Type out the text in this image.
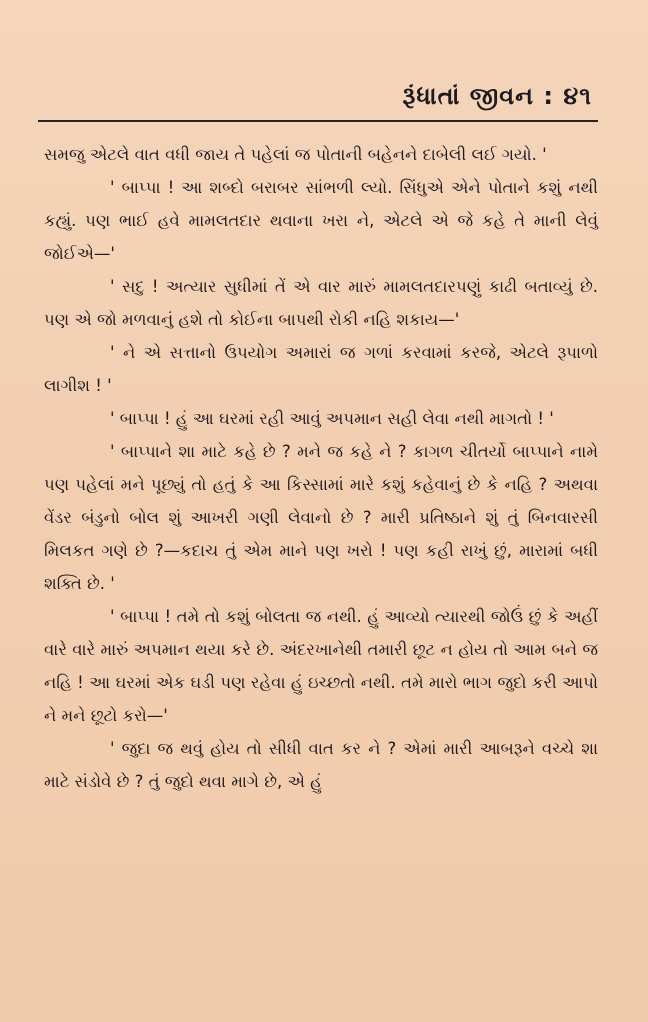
રૂંધાતાં જીવન : ૪૧

સમજુ એટલે વાત વધી જાય તે પહેલાં જ પોતાની બહેનને દાબેલી લઈ ગયો. '

' બાપ્પા ! આ શબ્દો બરાબર સાંભળી લ્યો. સિંધુએ એને પોતાને કશું નથી કહ્યું. પણ ભાઈ હવે મામલતદાર થવાના ખરા ને, એટલે એ જે કહે તે માની લેવું જોઈએ—'

' સદુ ! અત્યાર સુધીમાં તેં એ વાર મારું મામલતદારપણું કાઢી બતાવ્યું છે. પણ એ જો મળવાનું હશે તો કોઈના બાપથી રોકી નહિ શકાય—'

' ને એ સત્તાનો ઉપયોગ અમારાં જ ગળાં કરવામાં કરજે, એટલે રૂપાળો લાગીશ ! '

' બાપ્પા ! હું આ ઘરમાં રહી આવું અપમાન સહી લેવા નથી માગતો ! '

' બાપ્પાને શા માટે કહે છે ? મને જ કહે ને ? કાગળ ચીતર્યો બાપ્પાને નામે પણ પહેલાં મને પૂછ્યું તો હતું કે આ કિસ્સામાં મારે કશું કહેવાનું છે કે નહિ ? અથવા વેંડર બંડુનો બોલ શું આખરી ગણી લેવાનો છે ? મારી પ્રતિષ્ઠાને શું તું બિનવારસી મિલકત ગણે છે ?—કદાચ તું એમ માને પણ ખરો ! પણ કહી રાખું છું, મારામાં બધી શક્તિ છે. '

' બાપ્પા ! તમે તો કશું બોલતા જ નથી. હું આવ્યો ત્યારથી જોઉં છું કે અહીં વારે વારે મારું અપમાન થયા કરે છે. અંદરખાનેથી તમારી છૂટ ન હોય તો આમ બને જ નહિ ! આ ઘરમાં એક ઘડી પણ રહેવા હું ઇચ્છતો નથી. તમે મારો ભાગ જુદો કરી આપો ને મને છૂટો કરો—'

' જુદા જ થવું હોય તો સીધી વાત કર ને ? એમાં મારી આબરૂને વચ્ચે શા માટે સંડોવે છે ? તું જુદો થવા માગે છે, એ હું
